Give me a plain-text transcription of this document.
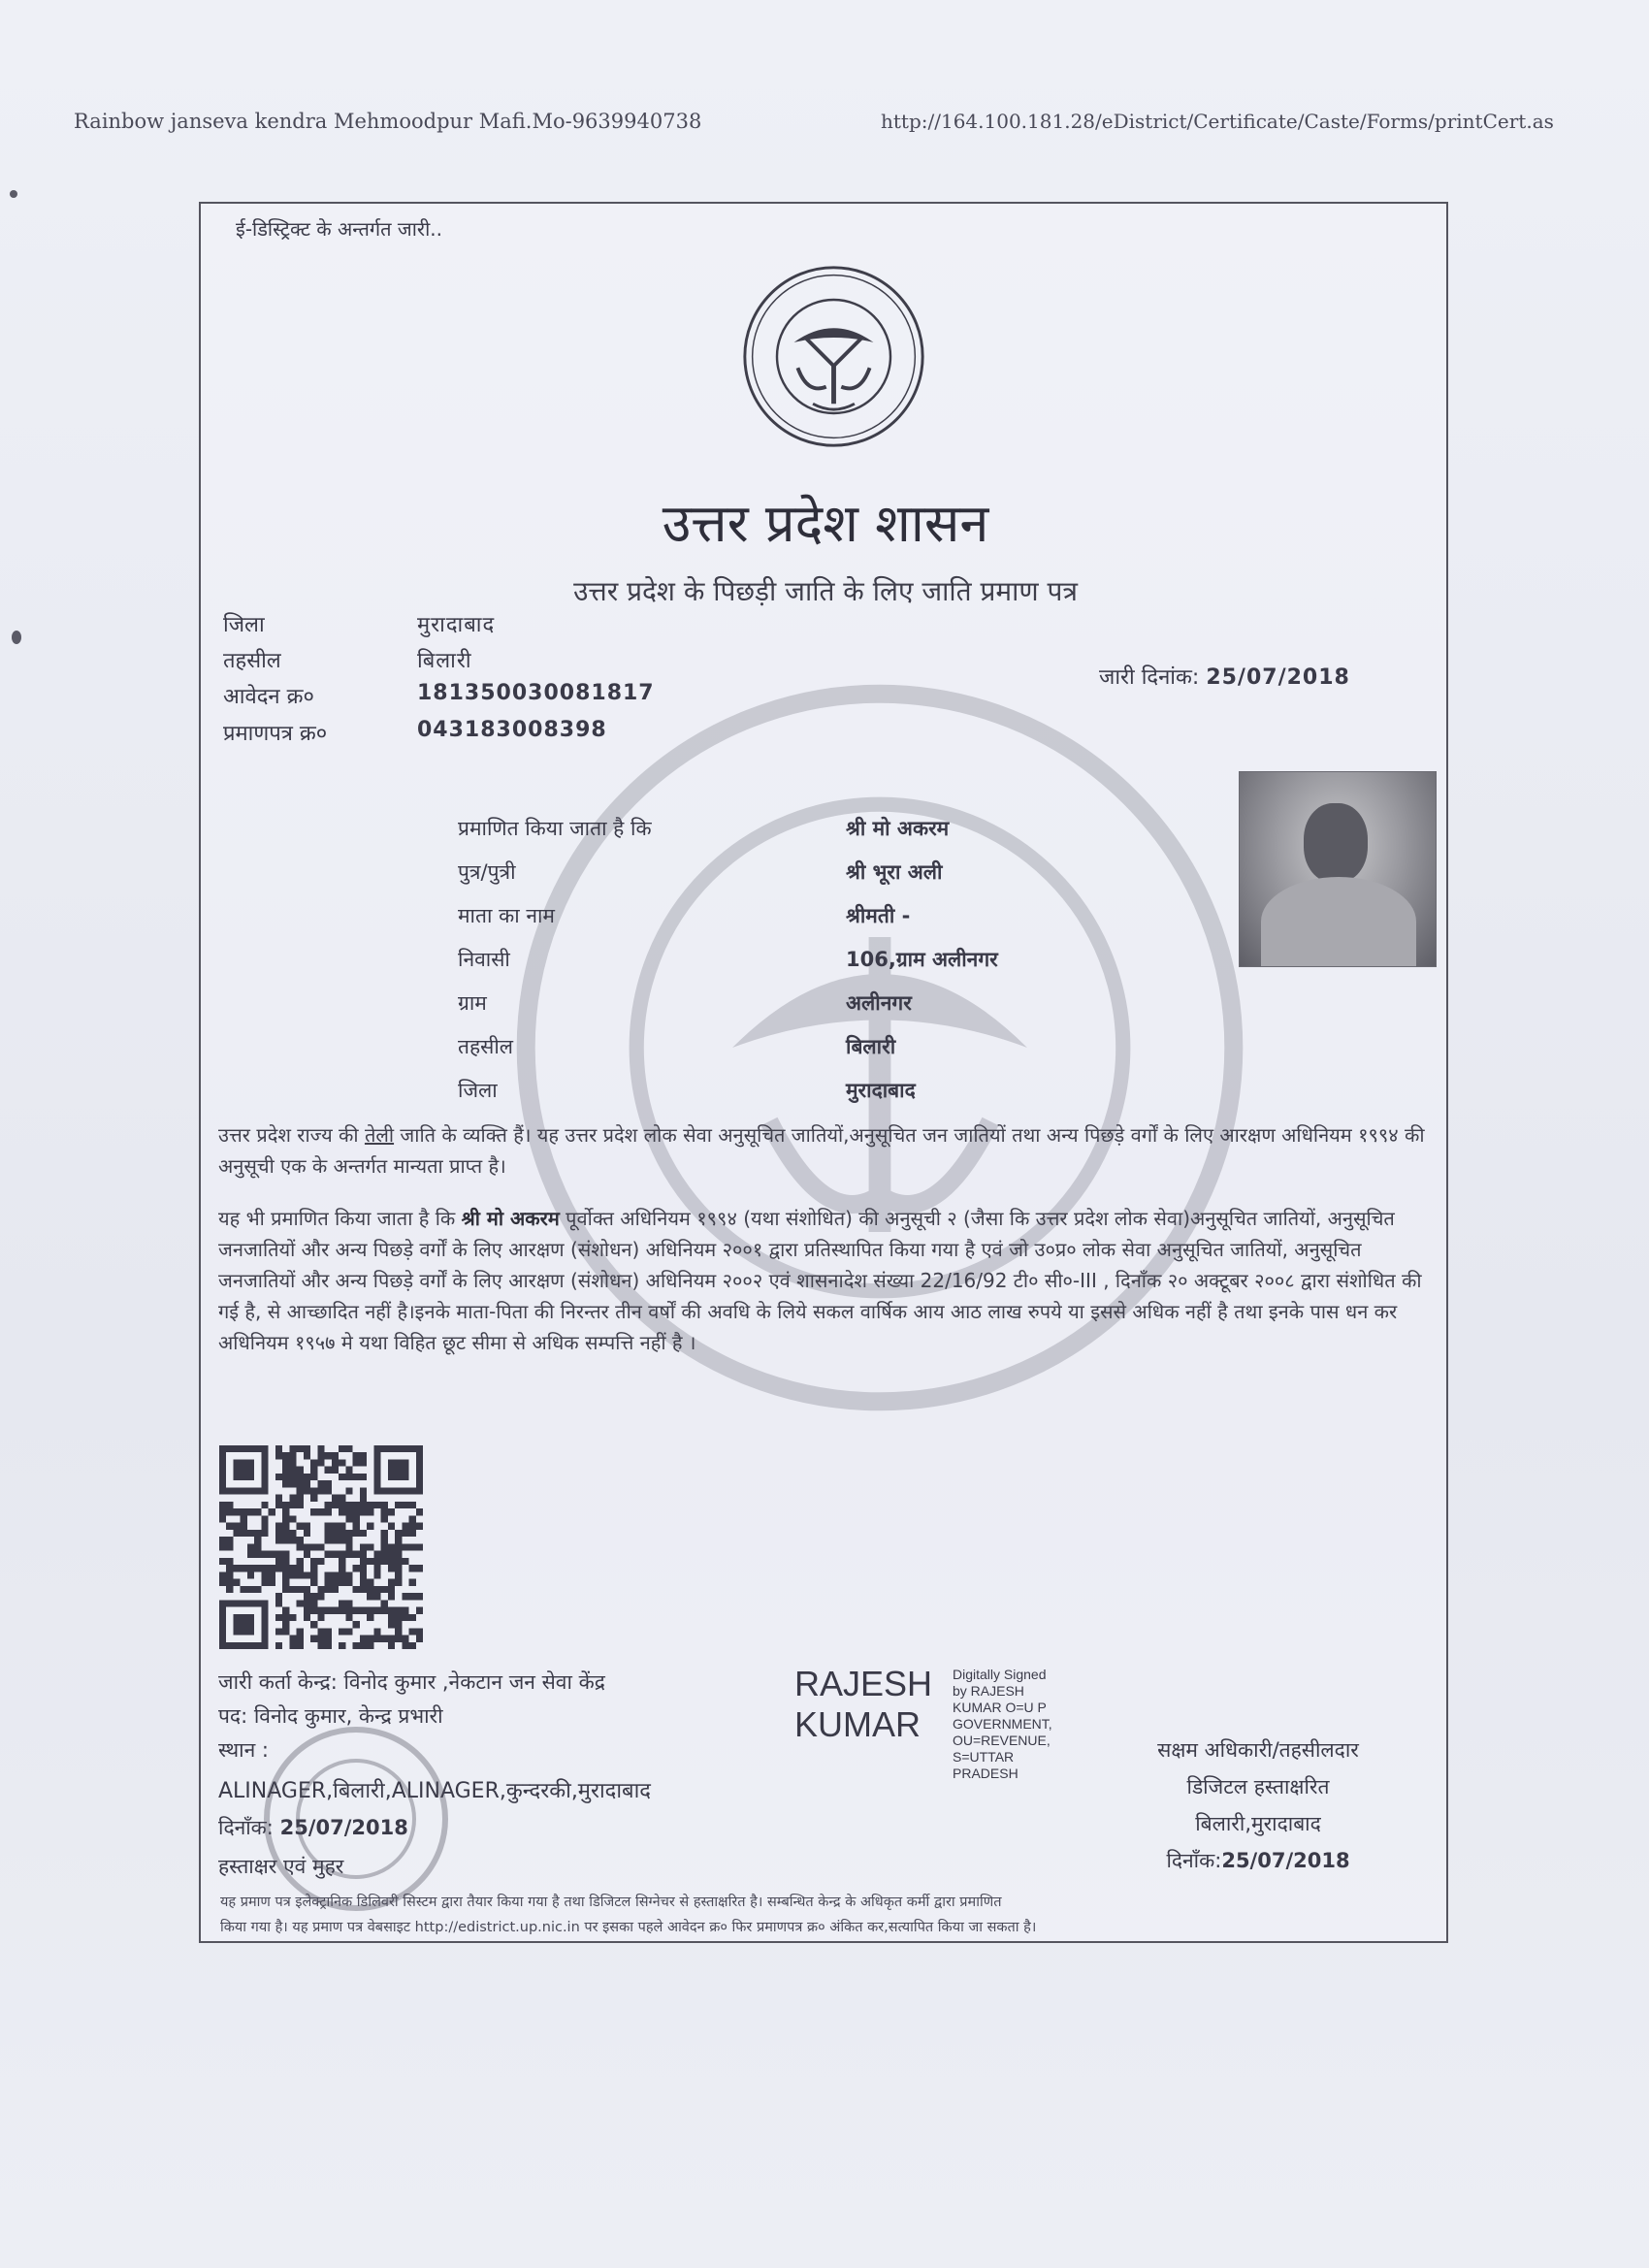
Rainbow janseva kendra Mehmoodpur Mafi.Mo-9639940738	http://164.100.181.28/eDistrict/Certificate/Caste/Forms/printCert.as
ई-डिस्ट्रिक्ट के अन्तर्गत जारी..
उत्तर प्रदेश शासन
उत्तर प्रदेश के पिछड़ी जाति के लिए जाति प्रमाण पत्र
जिला	मुरादाबाद
तहसील	बिलारी
आवेदन क्र०	181350030081817
प्रमाणपत्र क्र०	043183008398
जारी दिनांक: 25/07/2018
प्रमाणित किया जाता है कि	श्री मो अकरम
पुत्र/पुत्री	श्री भूरा अली
माता का नाम	श्रीमती -
निवासी	106,ग्राम अलीनगर
ग्राम	अलीनगर
तहसील	बिलारी
जिला	मुरादाबाद
उत्तर प्रदेश राज्य की तेली जाति के व्यक्ति हैं। यह उत्तर प्रदेश लोक सेवा अनुसूचित जातियों,अनुसूचित जन जातियों तथा अन्य पिछड़े वर्गों के लिए आरक्षण अधिनियम १९९४ की अनुसूची एक के अन्तर्गत मान्यता प्राप्त है।
यह भी प्रमाणित किया जाता है कि श्री मो अकरम पूर्वोक्त अधिनियम १९९४ (यथा संशोधित) की अनुसूची २ (जैसा कि उत्तर प्रदेश लोक सेवा)अनुसूचित जातियों, अनुसूचित जनजातियों और अन्य पिछड़े वर्गों के लिए आरक्षण (संशोधन) अधिनियम २००१ द्वारा प्रतिस्थापित किया गया है एवं जो उ०प्र० लोक सेवा अनुसूचित जातियों, अनुसूचित जनजातियों और अन्य पिछड़े वर्गों के लिए आरक्षण (संशोधन) अधिनियम २००२ एवं शासनादेश संख्या 22/16/92 टी० सी०-III , दिनाँक २० अक्टूबर २००८ द्वारा संशोधित की गई है, से आच्छादित नहीं है।इनके माता-पिता की निरन्तर तीन वर्षों की अवधि के लिये सकल वार्षिक आय आठ लाख रुपये या इससे अधिक नहीं है तथा इनके पास धन कर अधिनियम १९५७ मे यथा विहित छूट सीमा से अधिक सम्पत्ति नहीं है ।
जारी कर्ता केन्द्र: विनोद कुमार ,नेकटान जन सेवा केंद्र
पद: विनोद कुमार, केन्द्र प्रभारी
स्थान :
ALINAGER,बिलारी,ALINAGER,कुन्दरकी,मुरादाबाद
दिनाँक: 25/07/2018
हस्ताक्षर एवं मुहर
RAJESH
KUMAR
Digitally Signed
by RAJESH
KUMAR O=U P
GOVERNMENT,
OU=REVENUE,
S=UTTAR
PRADESH
सक्षम अधिकारी/तहसीलदार
डिजिटल हस्ताक्षरित
बिलारी,मुरादाबाद
दिनाँक:25/07/2018
यह प्रमाण पत्र इलेक्ट्रानिक डिलिवरी सिस्टम द्वारा तैयार किया गया है तथा डिजिटल सिग्नेचर से हस्ताक्षरित है। सम्बन्धित केन्द्र के अधिकृत कर्मी द्वारा प्रमाणित
किया गया है। यह प्रमाण पत्र वेबसाइट http://edistrict.up.nic.in पर इसका पहले आवेदन क्र० फिर प्रमाणपत्र क्र० अंकित कर,सत्यापित किया जा सकता है।
